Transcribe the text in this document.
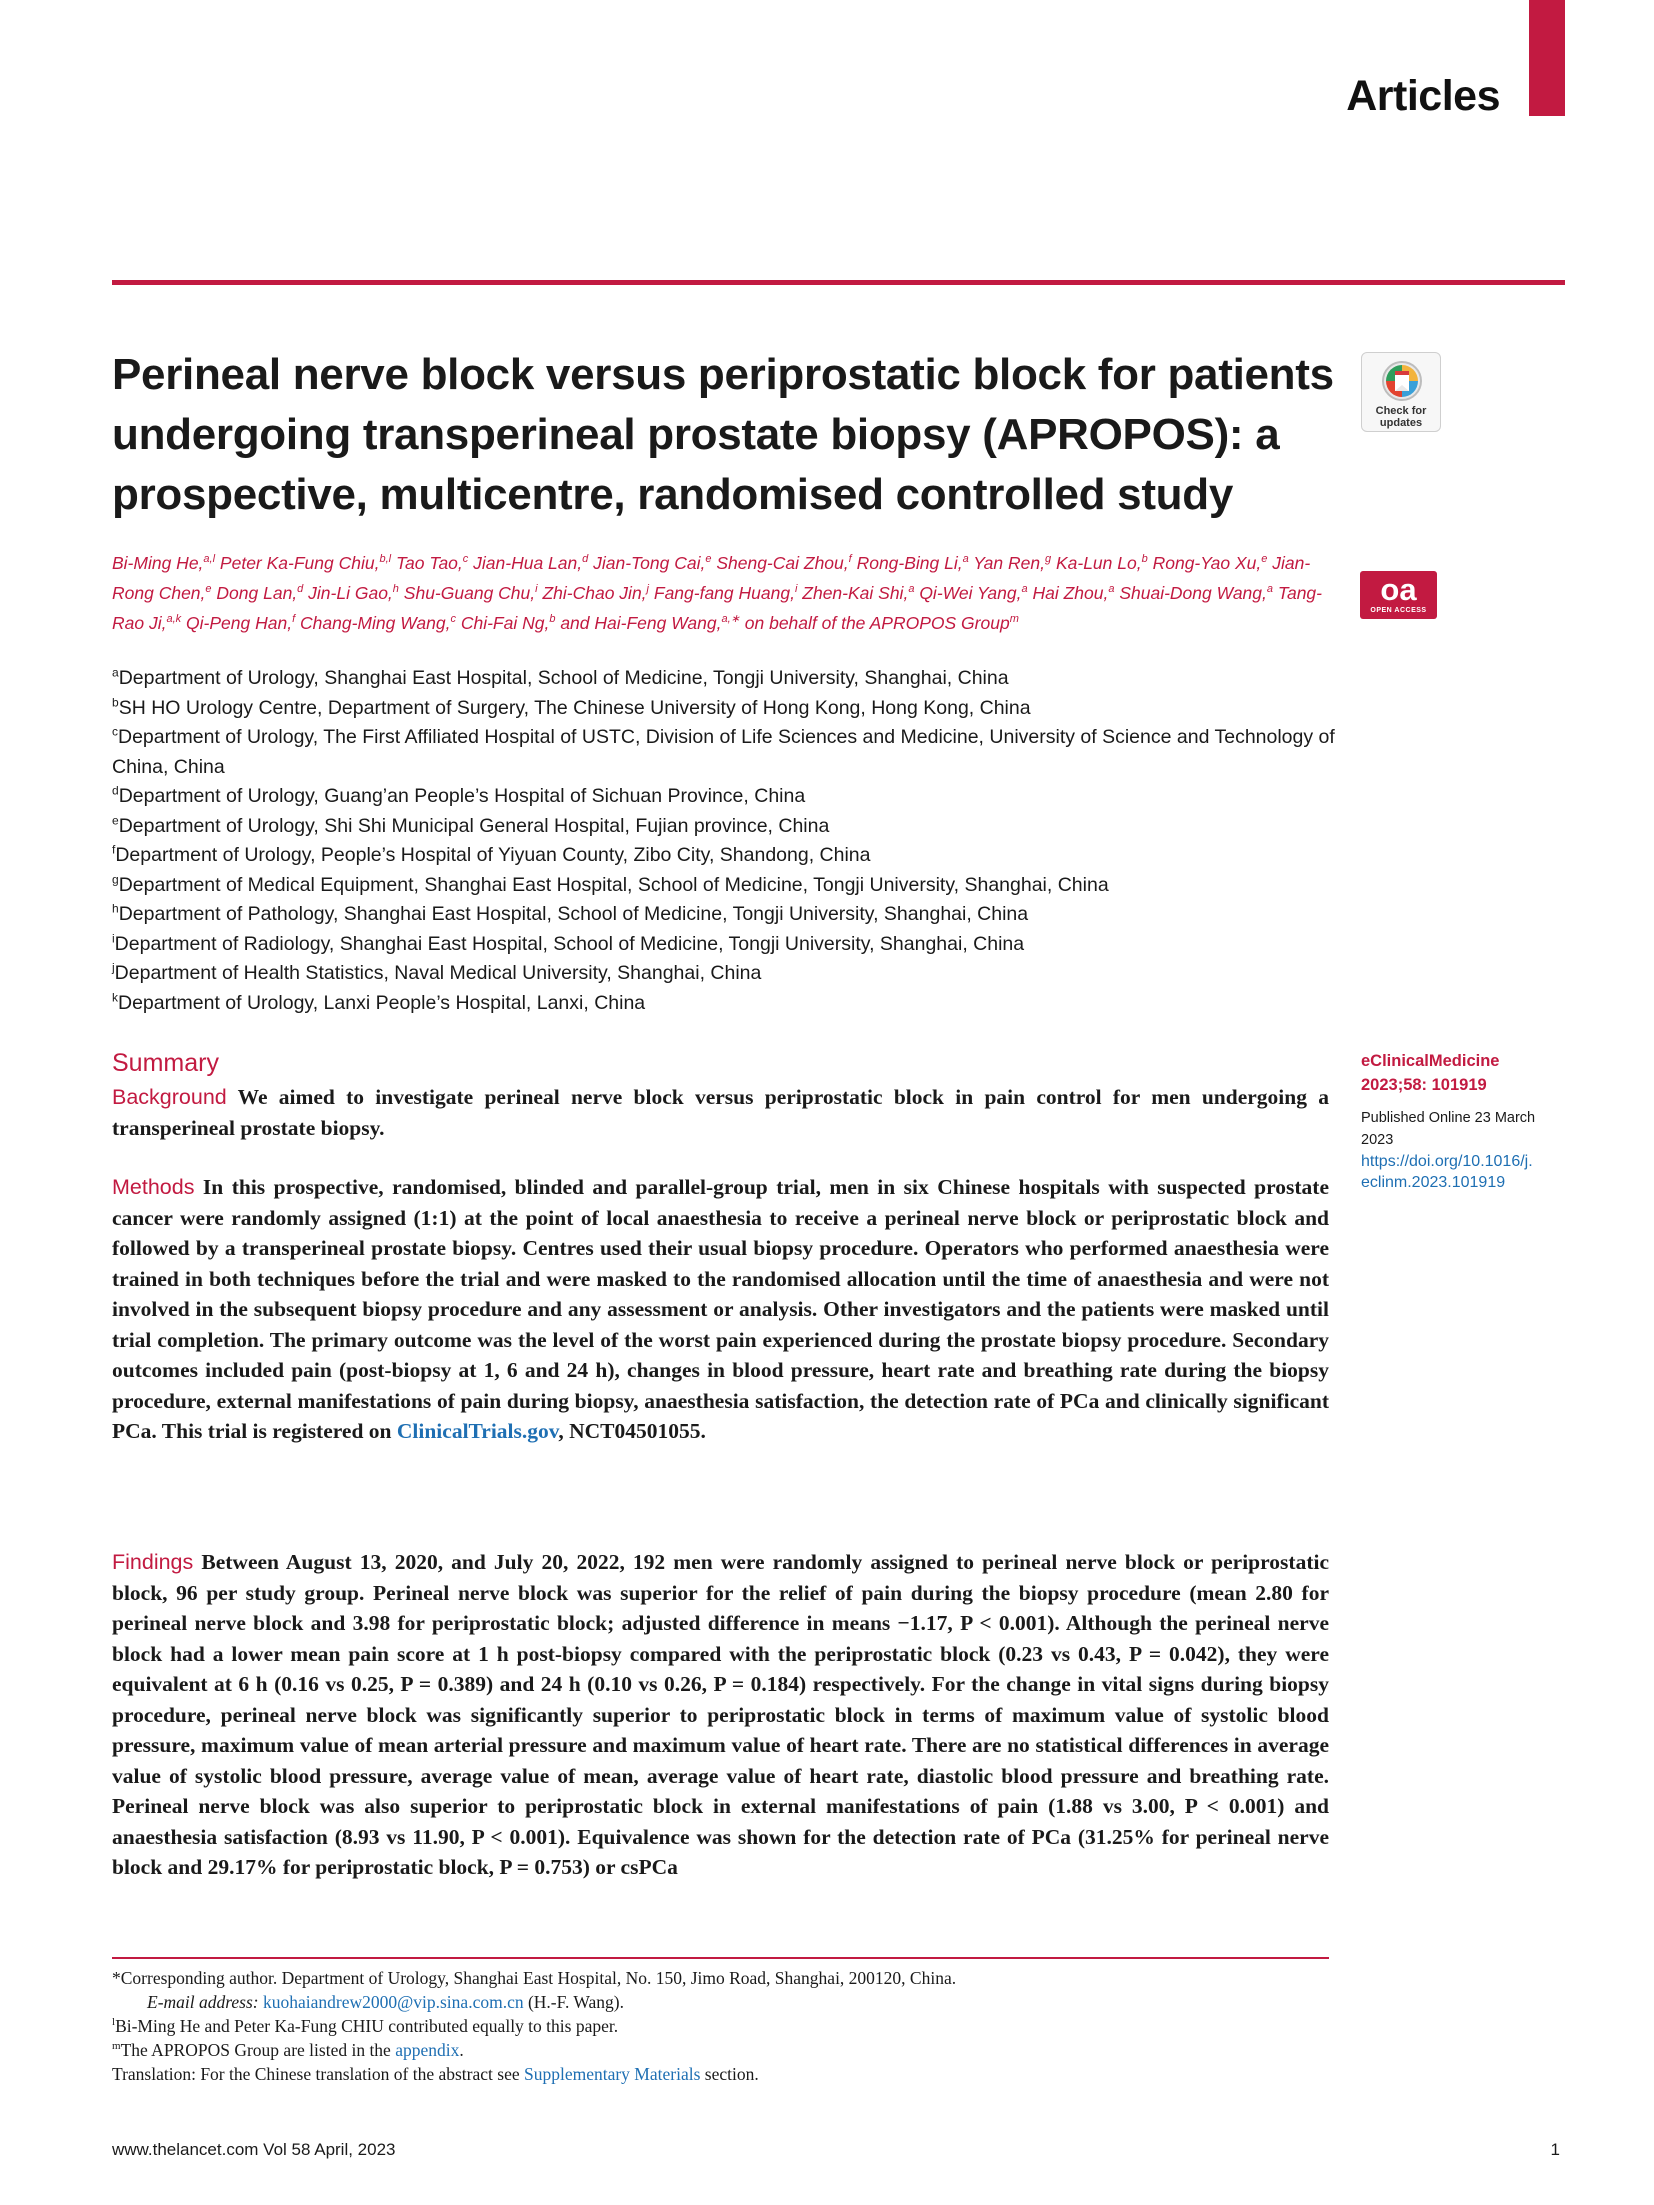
Articles
Perineal nerve block versus periprostatic block for patients undergoing transperineal prostate biopsy (APROPOS): a prospective, multicentre, randomised controlled study
Check for updates
oa
OPEN ACCESS

Bi-Ming He,$^{a,l}$ Peter Ka-Fung Chiu,$^{b,l}$ Tao Tao,$^c$ Jian-Hua Lan,$^d$ Jian-Tong Cai,$^e$ Sheng-Cai Zhou,$^f$ Rong-Bing Li,$^a$ Yan Ren,$^g$ Ka-Lun Lo,$^b$ Rong-Yao Xu,$^e$ Jian-Rong Chen,$^e$ Dong Lan,$^d$ Jin-Li Gao,$^h$ Shu-Guang Chu,$^i$ Zhi-Chao Jin,$^j$ Fang-fang Huang,$^i$ Zhen-Kai Shi,$^a$ Qi-Wei Yang,$^a$ Hai Zhou,$^a$ Shuai-Dong Wang,$^a$ Tang-Rao Ji,$^{a,k}$ Qi-Peng Han,$^f$ Chang-Ming Wang,$^c$ Chi-Fai Ng,$^b$ and Hai-Feng Wang,$^{a,∗}$ on behalf of the APROPOS Group$^m$

$^a$Department of Urology, Shanghai East Hospital, School of Medicine, Tongji University, Shanghai, China
$^b$SH HO Urology Centre, Department of Surgery, The Chinese University of Hong Kong, Hong Kong, China
$^c$Department of Urology, The First Affiliated Hospital of USTC, Division of Life Sciences and Medicine, University of Science and Technology of China, China
$^d$Department of Urology, Guang’an People’s Hospital of Sichuan Province, China
$^e$Department of Urology, Shi Shi Municipal General Hospital, Fujian province, China
$^f$Department of Urology, People’s Hospital of Yiyuan County, Zibo City, Shandong, China
$^g$Department of Medical Equipment, Shanghai East Hospital, School of Medicine, Tongji University, Shanghai, China
$^h$Department of Pathology, Shanghai East Hospital, School of Medicine, Tongji University, Shanghai, China
$^i$Department of Radiology, Shanghai East Hospital, School of Medicine, Tongji University, Shanghai, China
$^j$Department of Health Statistics, Naval Medical University, Shanghai, China
$^k$Department of Urology, Lanxi People’s Hospital, Lanxi, China
Summary

Background We aimed to investigate perineal nerve block versus periprostatic block in pain control for men undergoing a transperineal prostate biopsy.

Methods In this prospective, randomised, blinded and parallel-group trial, men in six Chinese hospitals with suspected prostate cancer were randomly assigned (1:1) at the point of local anaesthesia to receive a perineal nerve block or periprostatic block and followed by a transperineal prostate biopsy. Centres used their usual biopsy procedure. Operators who performed anaesthesia were trained in both techniques before the trial and were masked to the randomised allocation until the time of anaesthesia and were not involved in the subsequent biopsy procedure and any assessment or analysis. Other investigators and the patients were masked until trial completion. The primary outcome was the level of the worst pain experienced during the prostate biopsy procedure. Secondary outcomes included pain (post-biopsy at 1, 6 and 24 h), changes in blood pressure, heart rate and breathing rate during the biopsy procedure, external manifestations of pain during biopsy, anaesthesia satisfaction, the detection rate of PCa and clinically significant PCa. This trial is registered on ClinicalTrials.gov, NCT04501055.

Findings Between August 13, 2020, and July 20, 2022, 192 men were randomly assigned to perineal nerve block or periprostatic block, 96 per study group. Perineal nerve block was superior for the relief of pain during the biopsy procedure (mean 2.80 for perineal nerve block and 3.98 for periprostatic block; adjusted difference in means −1.17, P < 0.001). Although the perineal nerve block had a lower mean pain score at 1 h post-biopsy compared with the periprostatic block (0.23 vs 0.43, P = 0.042), they were equivalent at 6 h (0.16 vs 0.25, P = 0.389) and 24 h (0.10 vs 0.26, P = 0.184) respectively. For the change in vital signs during biopsy procedure, perineal nerve block was significantly superior to periprostatic block in terms of maximum value of systolic blood pressure, maximum value of mean arterial pressure and maximum value of heart rate. There are no statistical differences in average value of systolic blood pressure, average value of mean, average value of heart rate, diastolic blood pressure and breathing rate. Perineal nerve block was also superior to periprostatic block in external manifestations of pain (1.88 vs 3.00, P < 0.001) and anaesthesia satisfaction (8.93 vs 11.90, P < 0.001). Equivalence was shown for the detection rate of PCa (31.25% for perineal nerve block and 29.17% for periprostatic block, P = 0.753) or csPCa

eClinicalMedicine
2023;58: 101919
Published Online 23 March 2023
https://doi.org/10.1016/j.eclinm.2023.101919
*Corresponding author. Department of Urology, Shanghai East Hospital, No. 150, Jimo Road, Shanghai, 200120, China.
E-mail address: kuohaiandrew2000@vip.sina.com.cn (H.-F. Wang).
$^l$Bi-Ming He and Peter Ka-Fung CHIU contributed equally to this paper.
$^m$The APROPOS Group are listed in the appendix.
Translation: For the Chinese translation of the abstract see Supplementary Materials section.
www.thelancet.com Vol 58 April, 2023	1
